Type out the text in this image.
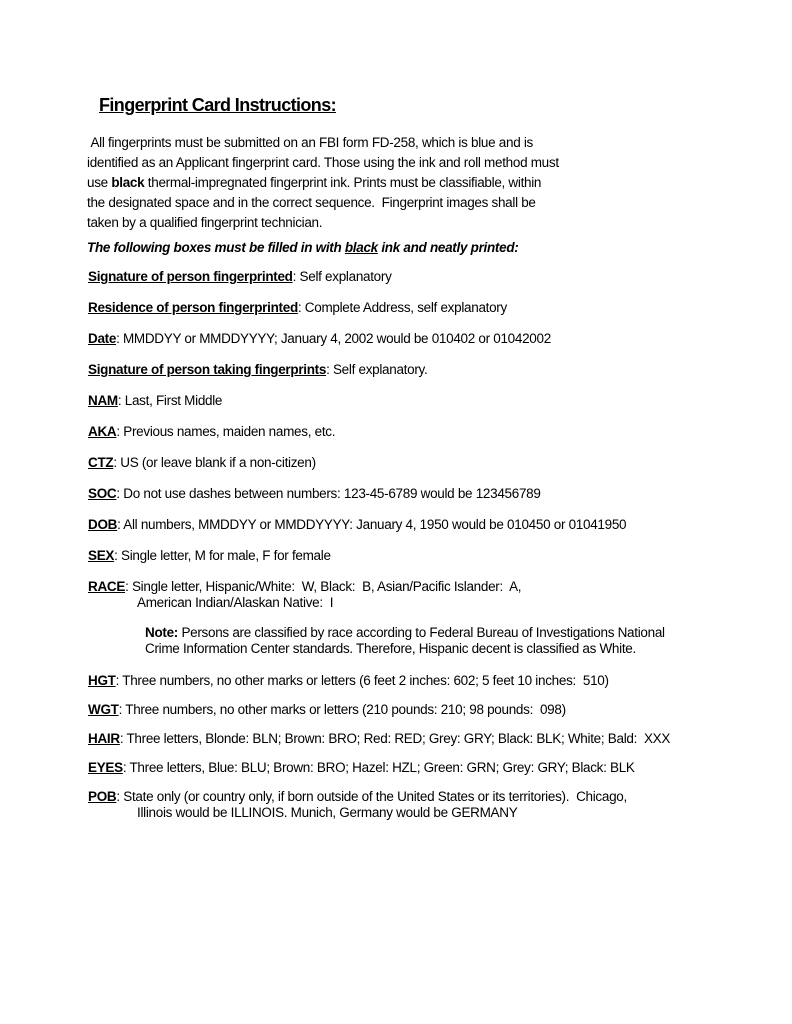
Fingerprint Card Instructions:
All fingerprints must be submitted on an FBI form FD-258, which is blue and is
identified as an Applicant fingerprint card. Those using the ink and roll method must
use black thermal-impregnated fingerprint ink. Prints must be classifiable, within
the designated space and in the correct sequence.  Fingerprint images shall be
taken by a qualified fingerprint technician.
The following boxes must be filled in with black ink and neatly printed:
Signature of person fingerprinted: Self explanatory
Residence of person fingerprinted: Complete Address, self explanatory
Date: MMDDYY or MMDDYYYY; January 4, 2002 would be 010402 or 01042002
Signature of person taking fingerprints: Self explanatory.
NAM: Last, First Middle
AKA: Previous names, maiden names, etc.
CTZ: US (or leave blank if a non-citizen)
SOC: Do not use dashes between numbers: 123-45-6789 would be 123456789
DOB: All numbers, MMDDYY or MMDDYYYY: January 4, 1950 would be 010450 or 01041950
SEX: Single letter, M for male, F for female
RACE: Single letter, Hispanic/White:  W, Black:  B, Asian/Pacific Islander:  A,
American Indian/Alaskan Native:  I
Note: Persons are classified by race according to Federal Bureau of Investigations National
Crime Information Center standards. Therefore, Hispanic decent is classified as White.
HGT: Three numbers, no other marks or letters (6 feet 2 inches: 602; 5 feet 10 inches:  510)
WGT: Three numbers, no other marks or letters (210 pounds: 210; 98 pounds:  098)
HAIR: Three letters, Blonde: BLN; Brown: BRO; Red: RED; Grey: GRY; Black: BLK; White; Bald:  XXX
EYES: Three letters, Blue: BLU; Brown: BRO; Hazel: HZL; Green: GRN; Grey: GRY; Black: BLK
POB: State only (or country only, if born outside of the United States or its territories).  Chicago,
Illinois would be ILLINOIS. Munich, Germany would be GERMANY
